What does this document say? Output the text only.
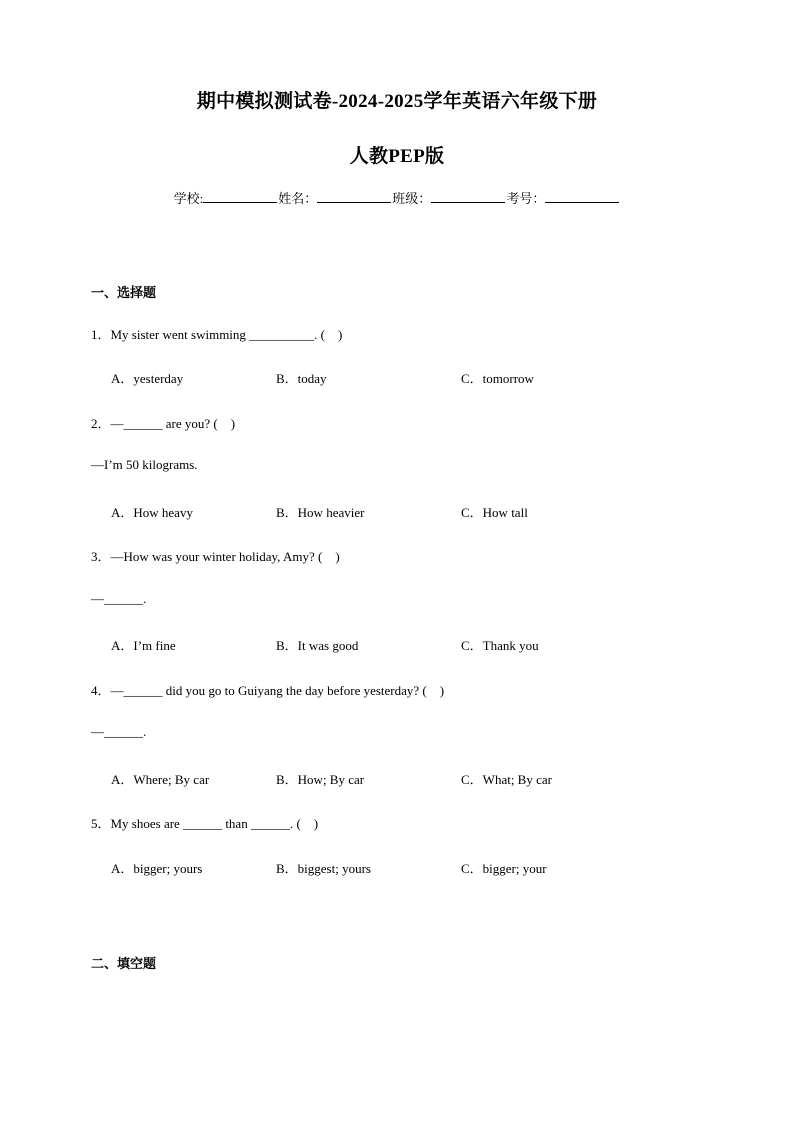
期中模拟测试卷-2024-2025学年英语六年级下册
人教PEP版
学校:	姓名：	班级：	考号：
一、选择题
1．My sister went swimming __________. (　)
A．yesterday	B．today	C．tomorrow
2．—______ are you? (　)
—I’m 50 kilograms.
A．How heavy	B．How heavier	C．How tall
3．—How was your winter holiday, Amy? (　)
—______.
A．I’m fine	B．It was good	C．Thank you
4．—______ did you go to Guiyang the day before yesterday? (　)
—______.
A．Where; By car	B．How; By car	C．What; By car
5．My shoes are ______ than ______. (　)
A．bigger; yours	B．biggest; yours	C．bigger; your
二、填空题
